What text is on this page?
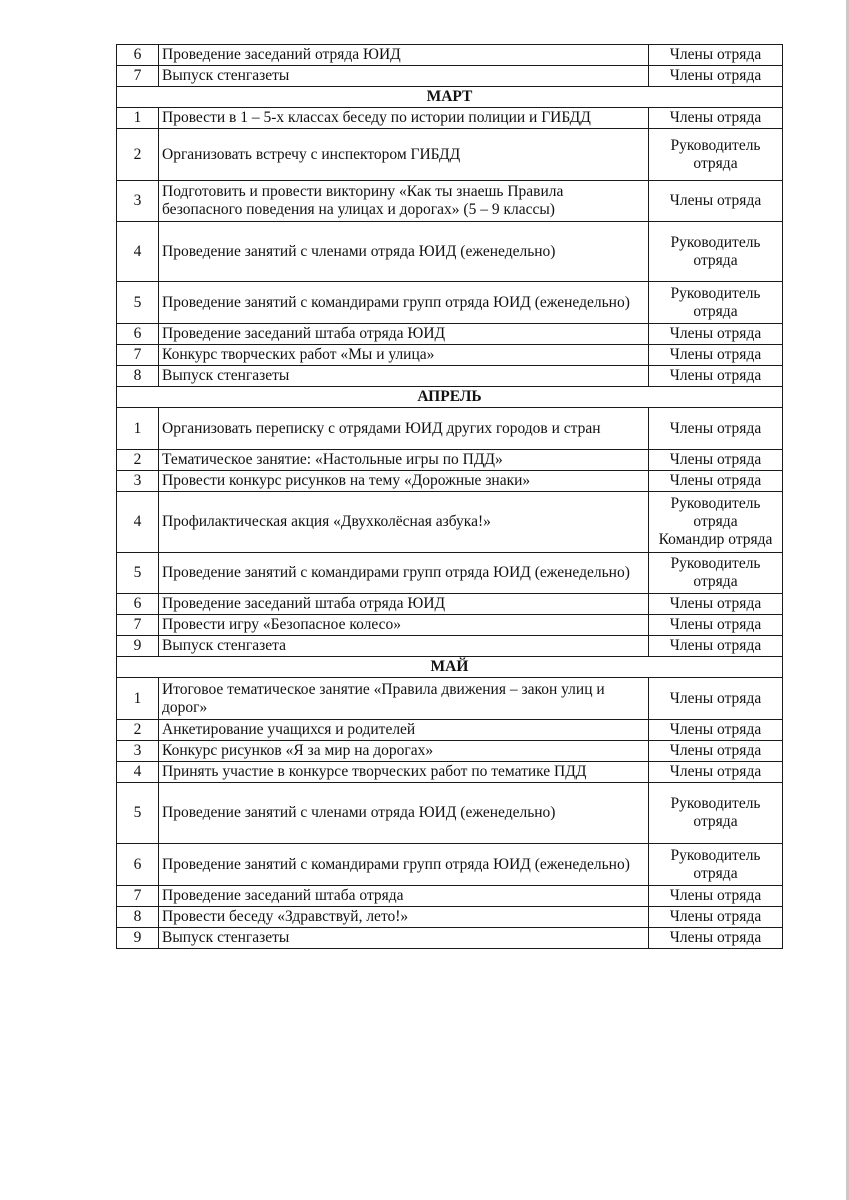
6	Проведение заседаний отряда ЮИД	Члены отряда

7	Выпуск стенгазеты	Члены отряда

МАРТ		
1	Провести в 1 – 5-х классах беседу по истории полиции и ГИБДД	Члены отряда

2	Организовать встречу с инспектором ГИБДД	Руководитель
отряда

3	Подготовить и провести викторину «Как ты знаешь Правила безопасного поведения на улицах и дорогах» (5 – 9 классы)	Члены отряда

4	Проведение занятий с членами отряда ЮИД (еженедельно)	Руководитель
отряда

5	Проведение занятий с командирами групп отряда ЮИД (еженедельно)	Руководитель
отряда

6	Проведение заседаний штаба отряда ЮИД	Члены отряда

7	Конкурс творческих работ «Мы и улица»	Члены отряда

8	Выпуск стенгазеты	Члены отряда

АПРЕЛЬ		
1	Организовать переписку с отрядами ЮИД других городов и стран	Члены отряда

2	Тематическое занятие: «Настольные игры по ПДД»	Члены отряда

3	Провести конкурс рисунков на тему «Дорожные знаки»	Члены отряда

4	Профилактическая акция «Двухколёсная азбука!»	Руководитель
отряда
Командир отряда

5	Проведение занятий с командирами групп отряда ЮИД (еженедельно)	Руководитель
отряда

6	Проведение заседаний штаба отряда ЮИД	Члены отряда

7	Провести игру «Безопасное колесо»	Члены отряда

9	Выпуск стенгазета	Члены отряда

МАЙ		
1	Итоговое тематическое занятие «Правила движения – закон улиц и дорог»	Члены отряда

2	Анкетирование учащихся и родителей	Члены отряда

3	Конкурс рисунков «Я за мир на дорогах»	Члены отряда

4	Принять участие в конкурсе творческих работ по тематике ПДД	Члены отряда

5	Проведение занятий с членами отряда ЮИД (еженедельно)	Руководитель
отряда

6	Проведение занятий с командирами групп отряда ЮИД (еженедельно)	Руководитель
отряда

7	Проведение заседаний штаба отряда	Члены отряда

8	Провести беседу «Здравствуй, лето!»	Члены отряда

9	Выпуск стенгазеты	Члены отряда
